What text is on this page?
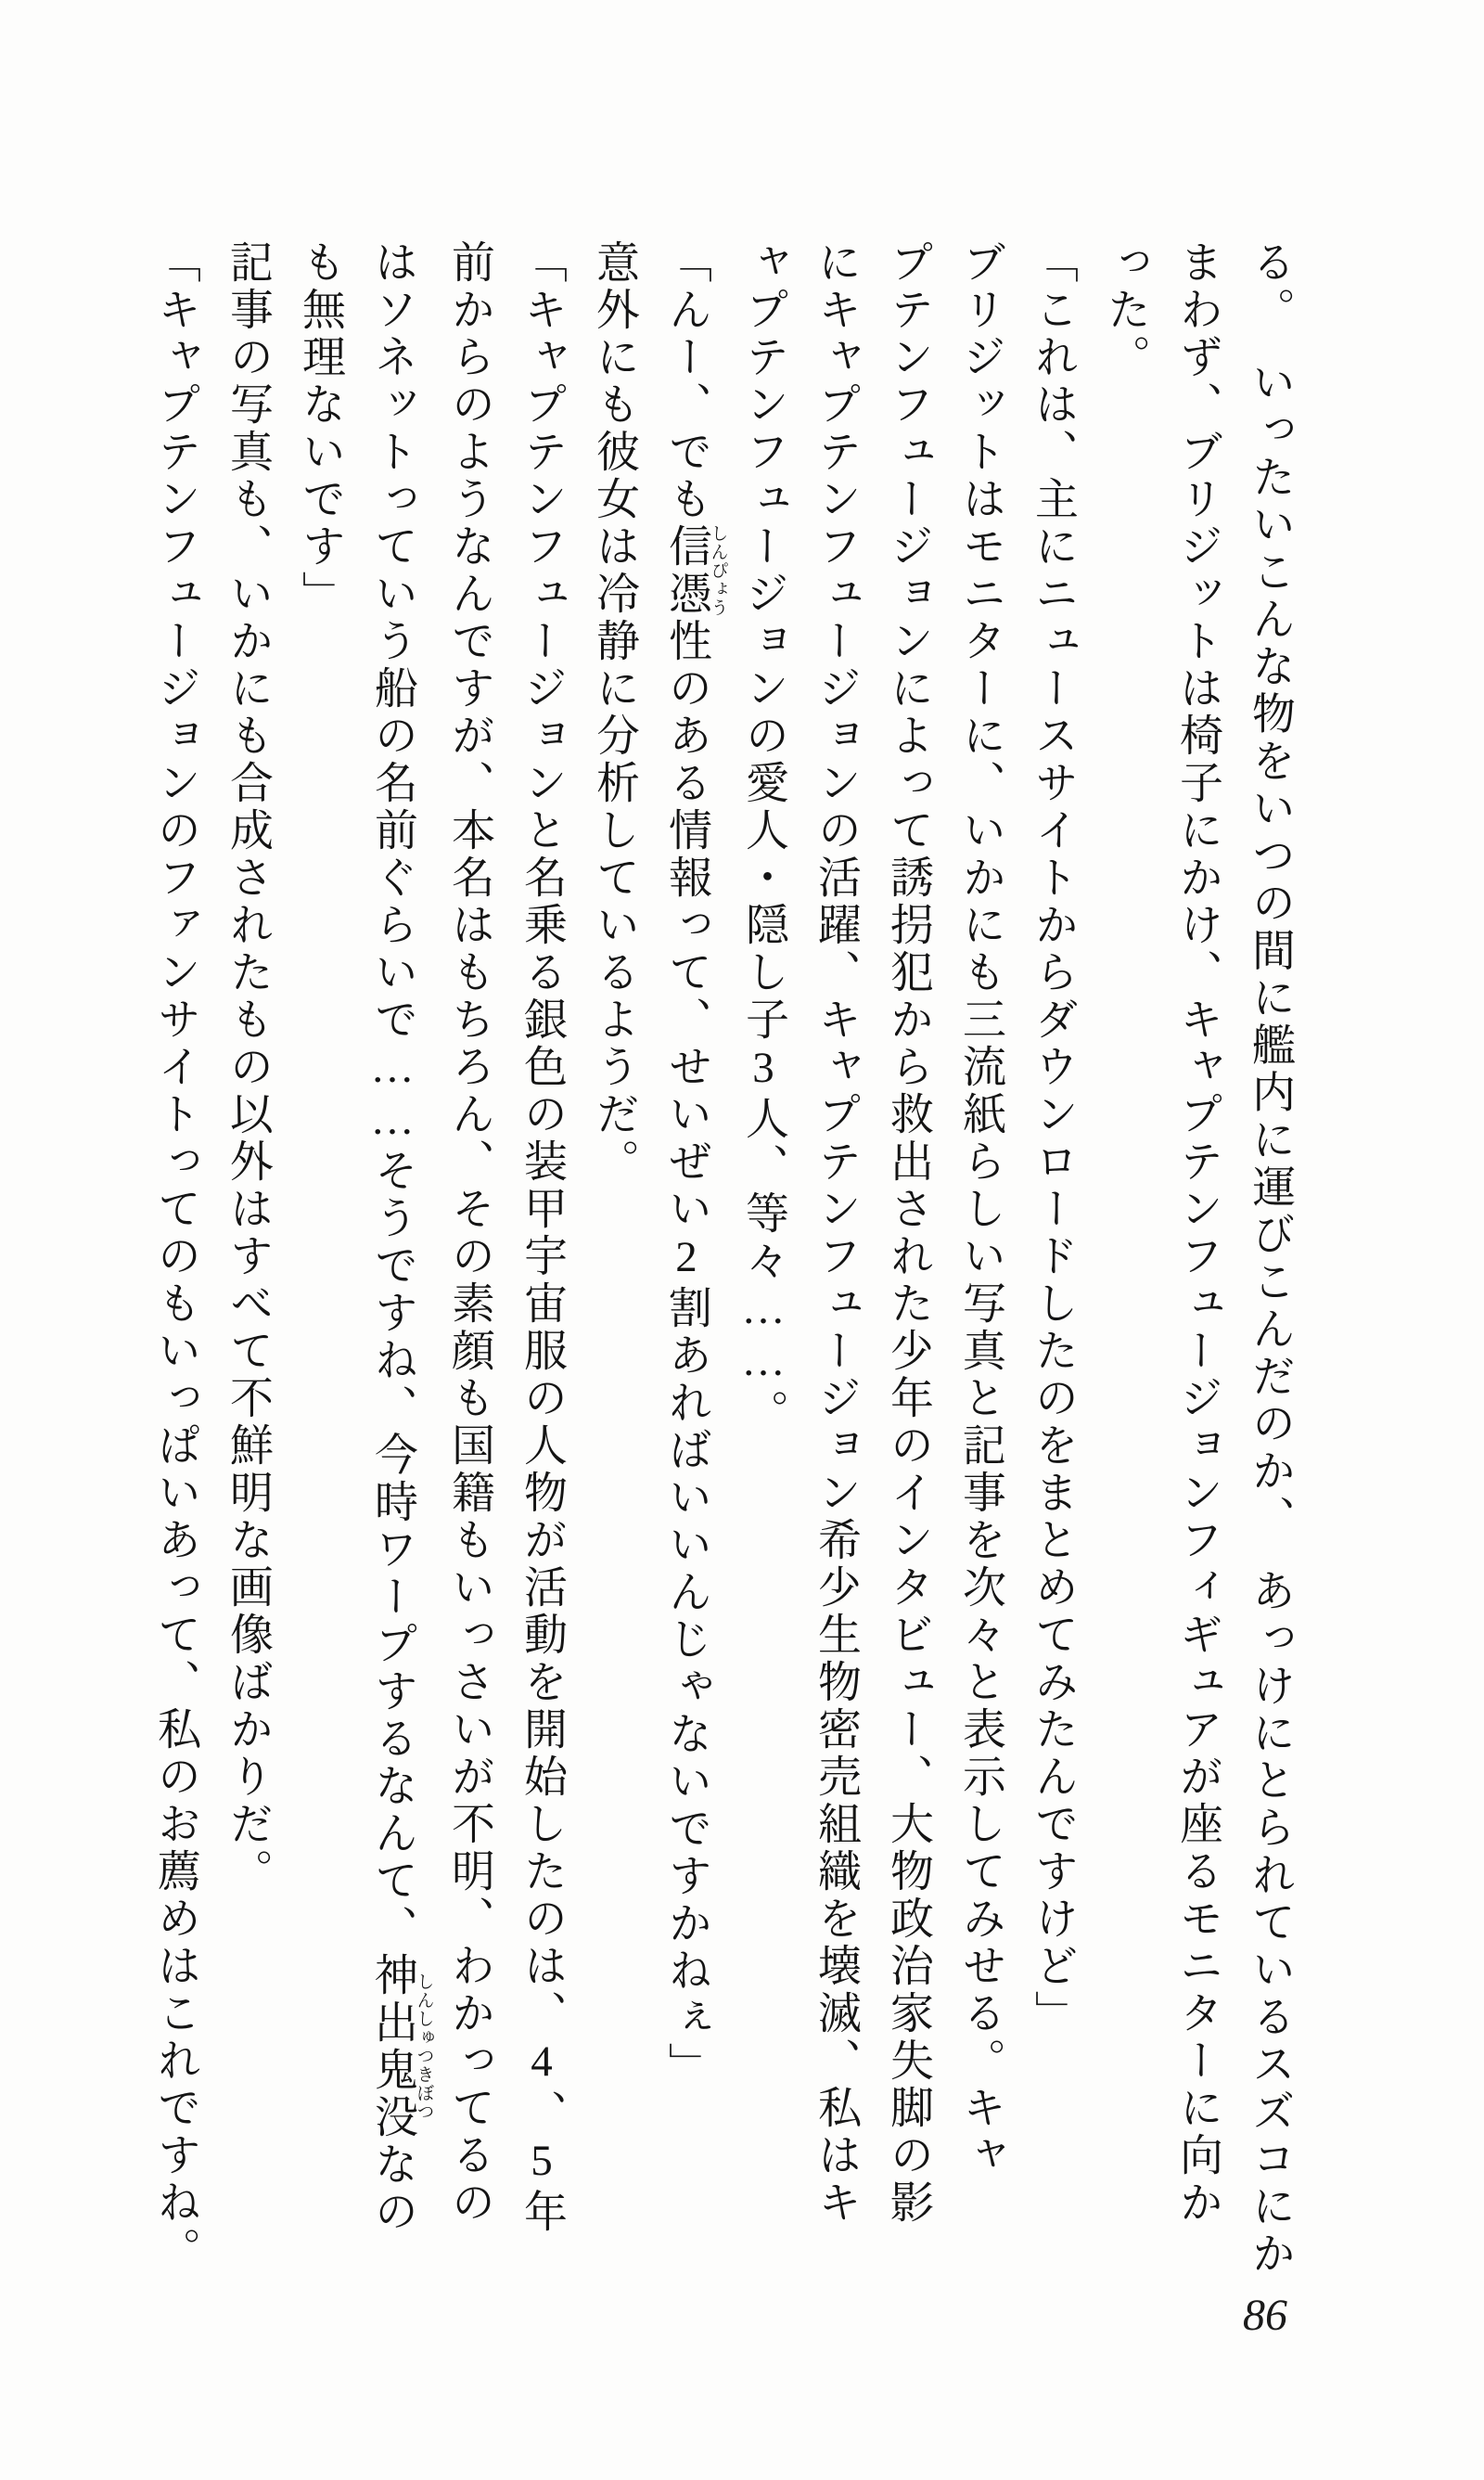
る。　いったいこんな物をいつの間に艦内に運びこんだのか、　あっけにとられているスズコにか
まわず、ブリジットは椅子にかけ、キャプテンフュージョンフィギュアが座るモニターに向か
った。
「これは、主にニュースサイトからダウンロードしたのをまとめてみたんですけど」
ブリジットはモニターに、いかにも三流紙らしい写真と記事を次々と表示してみせる。キャ
プテンフュージョンによって誘拐犯から救出された少年のインタビュー、大物政治家失脚の影
にキャプテンフュージョンの活躍、キャプテンフュージョン希少生物密売組織を壊滅、私はキ
ャプテンフュージョンの愛人・隠し子3人、等々……。
「んー、でも信憑しんぴょう性のある情報って、せいぜい2割あればいいんじゃないですかねぇ」
意外にも彼女は冷静に分析しているようだ。
「キャプテンフュージョンと名乗る銀色の装甲宇宙服の人物が活動を開始したのは、4、5年
前からのようなんですが、本名はもちろん、その素顔も国籍もいっさいが不明、わかってるの
はソネットっていう船の名前ぐらいで……そうですね、今時ワープするなんて、神出鬼没しんしゅつきぼつなの
も無理ないです」
記事の写真も、いかにも合成されたもの以外はすべて不鮮明な画像ばかりだ。
「キャプテンフュージョンのファンサイトってのもいっぱいあって、私のお薦めはこれですね。
86
